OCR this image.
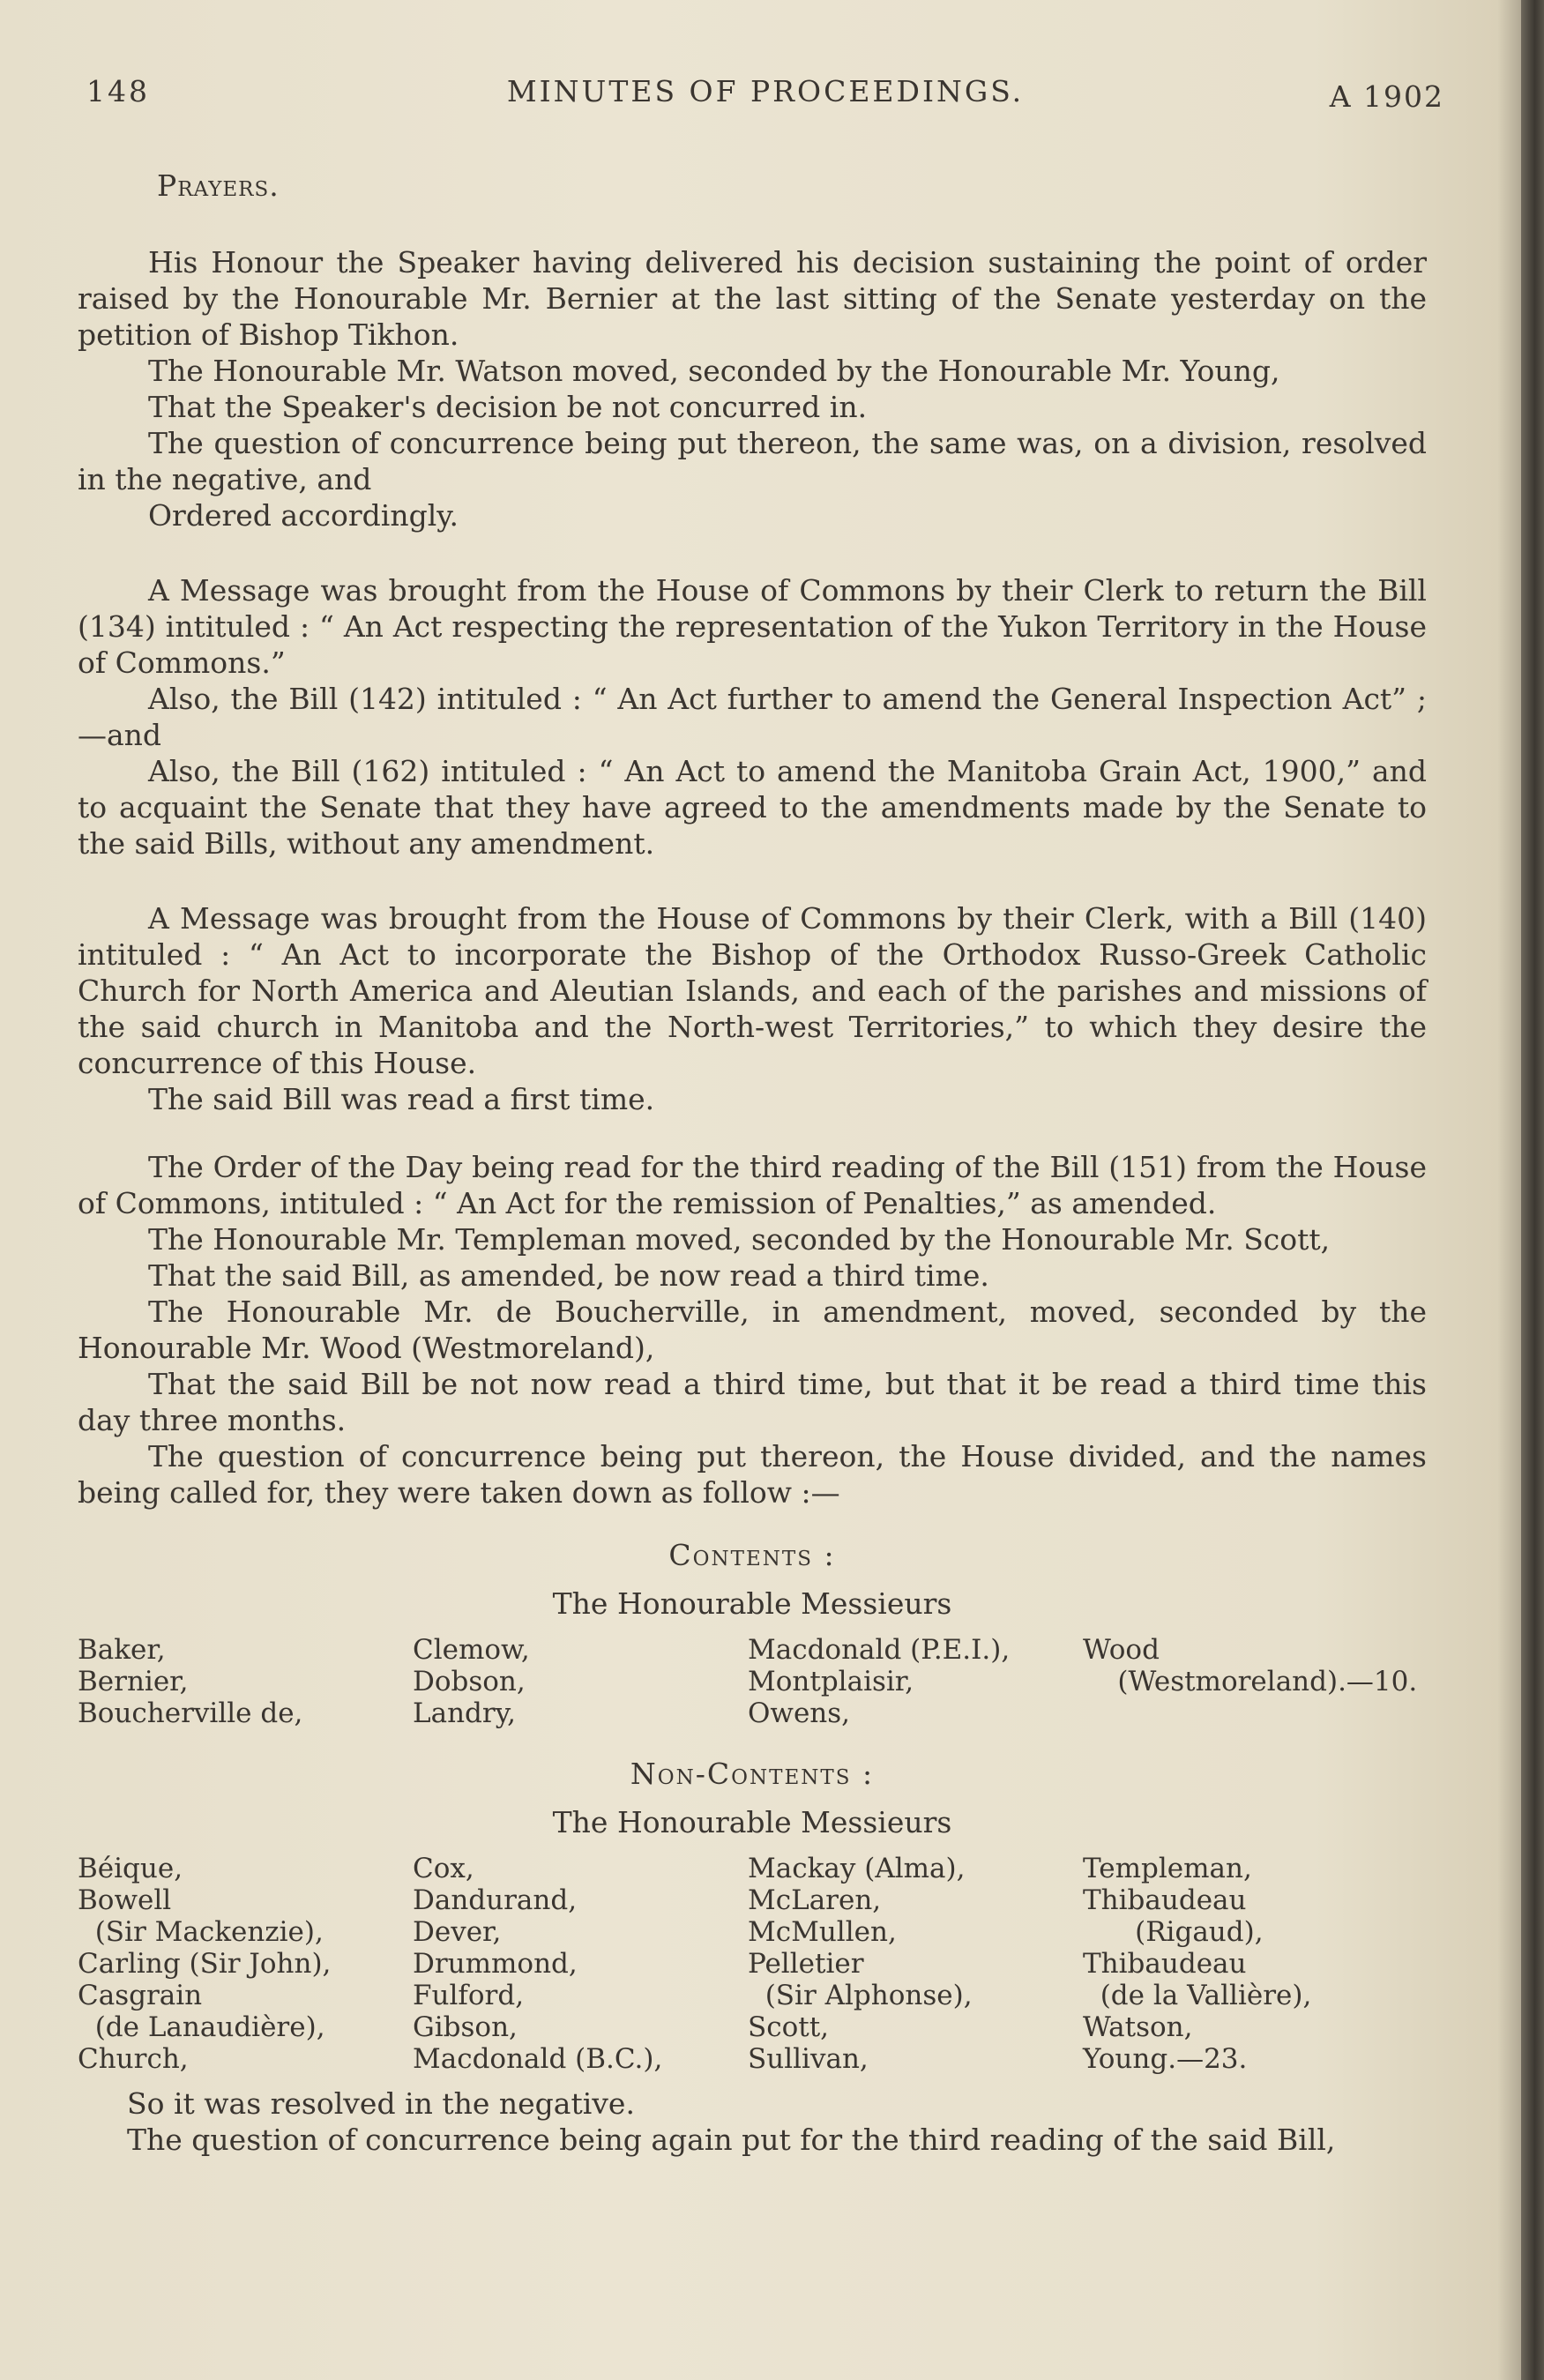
148	MINUTES OF PROCEEDINGS.	A 1902

Prayers.

His Honour the Speaker having delivered his decision sustaining the point of order raised by the Honourable Mr. Bernier at the last sitting of the Senate yesterday on the petition of Bishop Tikhon.

The Honourable Mr. Watson moved, seconded by the Honourable Mr. Young,

That the Speaker's decision be not concurred in.

The question of concurrence being put thereon, the same was, on a division, resolved in the negative, and

Ordered accordingly.

A Message was brought from the House of Commons by their Clerk to return the Bill (134) intituled : “ An Act respecting the representation of the Yukon Territory in the House of Commons.”

Also, the Bill (142) intituled : “ An Act further to amend the General Inspection Act” ;—and

Also, the Bill (162) intituled : “ An Act to amend the Manitoba Grain Act, 1900,” and to acquaint the Senate that they have agreed to the amendments made by the Senate to the said Bills, without any amendment.

A Message was brought from the House of Commons by their Clerk, with a Bill (140) intituled : “ An Act to incorporate the Bishop of the Orthodox Russo-Greek Catholic Church for North America and Aleutian Islands, and each of the parishes and missions of the said church in Manitoba and the North-west Territories,” to which they desire the concurrence of this House.

The said Bill was read a first time.

The Order of the Day being read for the third reading of the Bill (151) from the House of Commons, intituled : “ An Act for the remission of Penalties,” as amended.

The Honourable Mr. Templeman moved, seconded by the Honourable Mr. Scott,

That the said Bill, as amended, be now read a third time.

The Honourable Mr. de Boucherville, in amendment, moved, seconded by the Honourable Mr. Wood (Westmoreland),

That the said Bill be not now read a third time, but that it be read a third time this day three months.

The question of concurrence being put thereon, the House divided, and the names being called for, they were taken down as follow :—

Contents :

The Honourable Messieurs

Baker,
Bernier,
Boucherville de,
Clemow,
Dobson,
Landry,
Macdonald (P.E.I.),
Montplaisir,
Owens,
Wood
(Westmoreland).—10.

Non-Contents :

The Honourable Messieurs

Béique,
Bowell
(Sir Mackenzie),
Carling (Sir John),
Casgrain
(de Lanaudière),
Church,
Cox,
Dandurand,
Dever,
Drummond,
Fulford,
Gibson,
Macdonald (B.C.),
Mackay (Alma),
McLaren,
McMullen,
Pelletier
(Sir Alphonse),
Scott,
Sullivan,
Templeman,
Thibaudeau
(Rigaud),
Thibaudeau
(de la Vallière),
Watson,
Young.—23.

So it was resolved in the negative.

The question of concurrence being again put for the third reading of the said Bill,
